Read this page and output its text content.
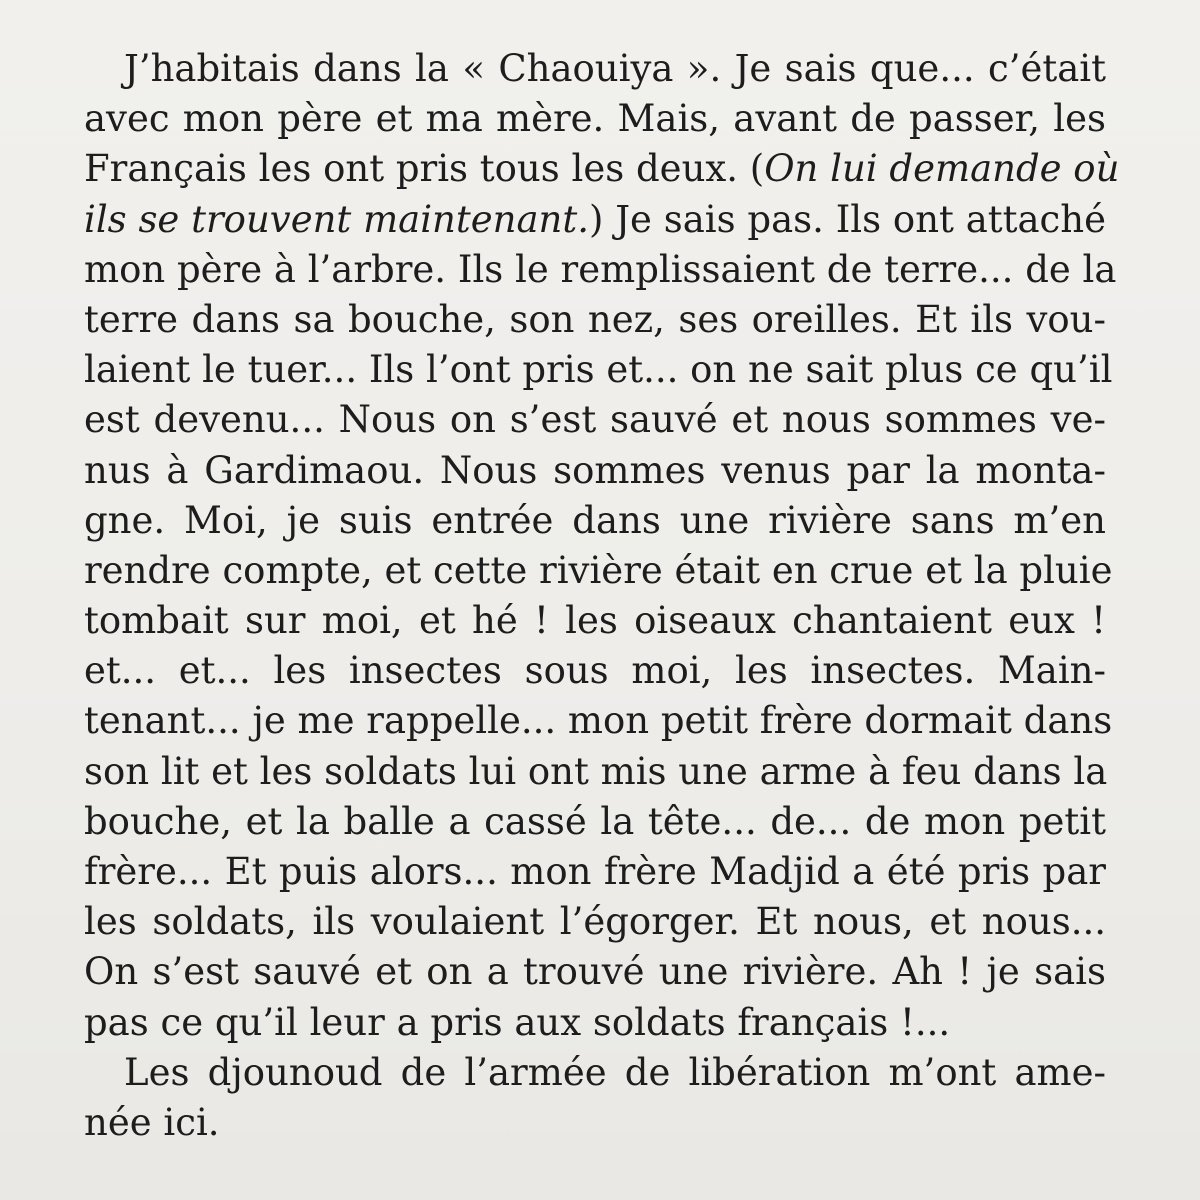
J’habitais dans la « Chaouiya ». Je sais que... c’était
avec mon père et ma mère. Mais, avant de passer, les
Français les ont pris tous les deux. (On lui demande où
ils se trouvent maintenant.) Je sais pas. Ils ont attaché
mon père à l’arbre. Ils le remplissaient de terre... de la
terre dans sa bouche, son nez, ses oreilles. Et ils vou-
laient le tuer... Ils l’ont pris et... on ne sait plus ce qu’il
est devenu... Nous on s’est sauvé et nous sommes ve-
nus à Gardimaou. Nous sommes venus par la monta-
gne. Moi, je suis entrée dans une rivière sans m’en
rendre compte, et cette rivière était en crue et la pluie
tombait sur moi, et hé ! les oiseaux chantaient eux !
et... et... les insectes sous moi, les insectes. Main-
tenant... je me rappelle... mon petit frère dormait dans
son lit et les soldats lui ont mis une arme à feu dans la
bouche, et la balle a cassé la tête... de... de mon petit
frère... Et puis alors... mon frère Madjid a été pris par
les soldats, ils voulaient l’égorger. Et nous, et nous...
On s’est sauvé et on a trouvé une rivière. Ah ! je sais
pas ce qu’il leur a pris aux soldats français !...
Les djounoud de l’armée de libération m’ont ame-
née ici.
